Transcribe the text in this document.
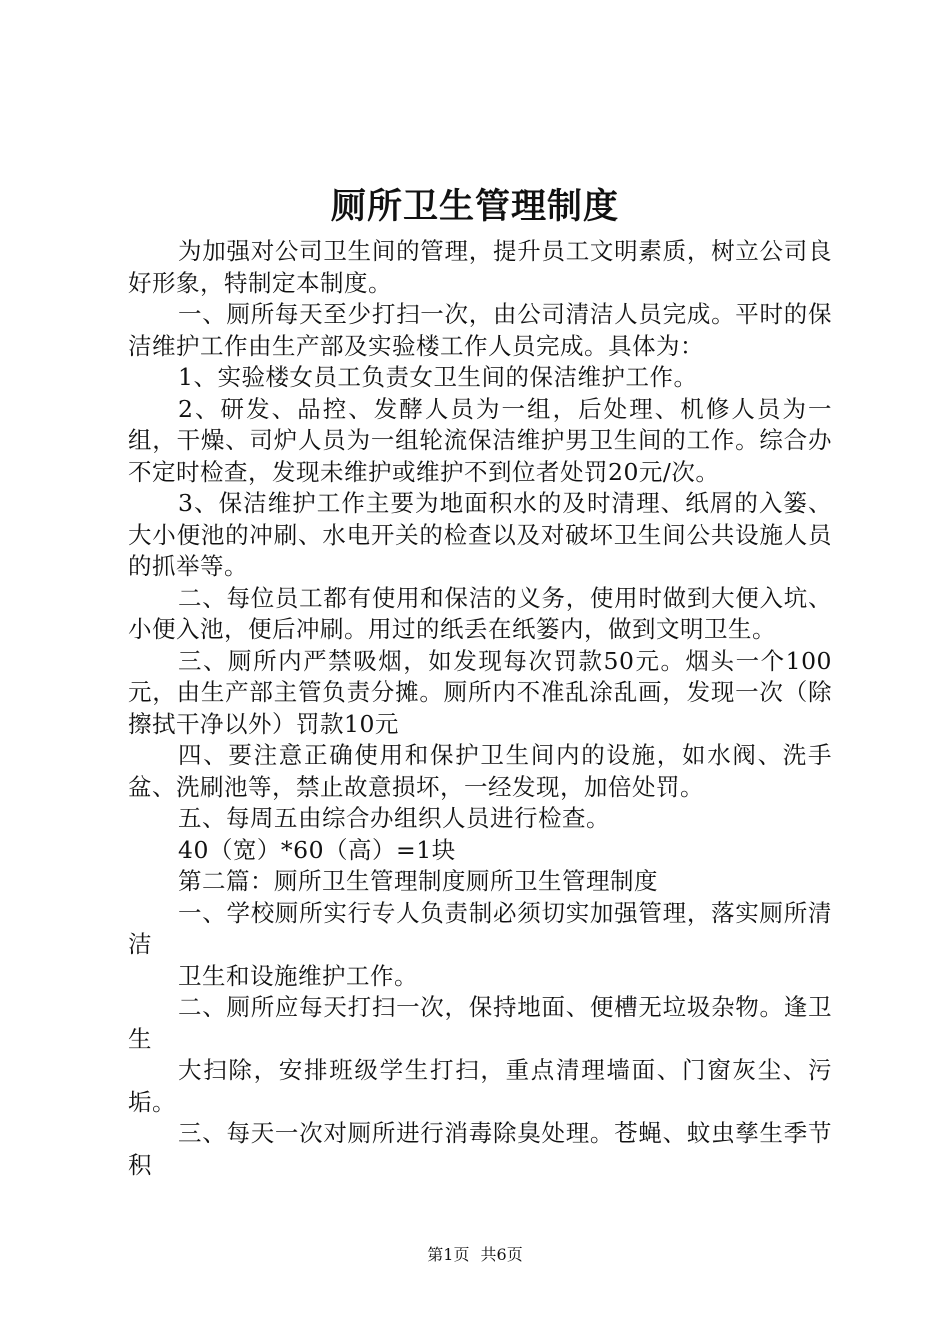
厕所卫生管理制度

为加强对公司卫生间的管理，提升员工文明素质，树立公司良好形象，特制定本制度。

一、厕所每天至少打扫一次，由公司清洁人员完成。平时的保洁维护工作由生产部及实验楼工作人员完成。具体为：

1、实验楼女员工负责女卫生间的保洁维护工作。

2、研发、品控、发酵人员为一组，后处理、机修人员为一组，干燥、司炉人员为一组轮流保洁维护男卫生间的工作。综合办不定时检查，发现未维护或维护不到位者处罚20元/次。

3、保洁维护工作主要为地面积水的及时清理、纸屑的入篓、大小便池的冲刷、水电开关的检查以及对破坏卫生间公共设施人员的抓举等。

二、每位员工都有使用和保洁的义务，使用时做到大便入坑、小便入池，便后冲刷。用过的纸丢在纸篓内，做到文明卫生。

三、厕所内严禁吸烟，如发现每次罚款50元。烟头一个100元，由生产部主管负责分摊。厕所内不准乱涂乱画，发现一次（除擦拭干净以外）罚款10元

四、要注意正确使用和保护卫生间内的设施，如水阀、洗手盆、洗刷池等，禁止故意损坏，一经发现，加倍处罚。

五、每周五由综合办组织人员进行检查。

40（宽）*60（高）=1块

第二篇：厕所卫生管理制度厕所卫生管理制度

一、学校厕所实行专人负责制必须切实加强管理，落实厕所清洁

卫生和设施维护工作。

二、厕所应每天打扫一次，保持地面、便槽无垃圾杂物。逢卫生

大扫除，安排班级学生打扫，重点清理墙面、门窗灰尘、污垢。

三、每天一次对厕所进行消毒除臭处理。苍蝇、蚊虫孳生季节积

第1页 共6页
